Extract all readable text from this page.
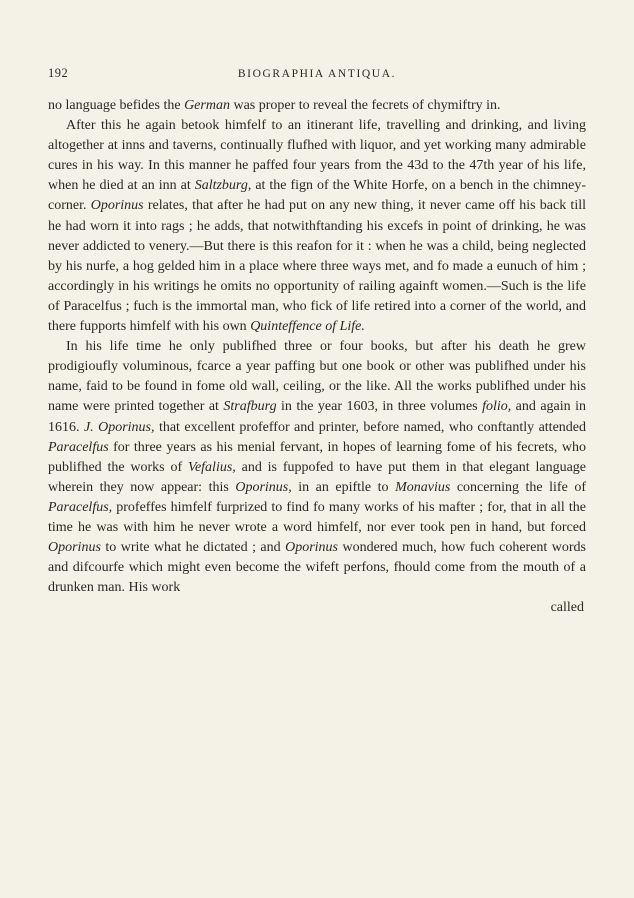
192	BIOGRAPHIA ANTIQUA.

no language befides the German was proper to reveal the fecrets of chymiftry in.

After this he again betook himfelf to an itinerant life, travelling and drinking, and living altogether at inns and taverns, continually flufhed with liquor, and yet working many admirable cures in his way. In this manner he paffed four years from the 43d to the 47th year of his life, when he died at an inn at Saltzburg, at the fign of the White Horfe, on a bench in the chimney-corner. Oporinus relates, that after he had put on any new thing, it never came off his back till he had worn it into rags ; he adds, that notwithftanding his excefs in point of drinking, he was never addicted to venery.—But there is this reafon for it : when he was a child, being neglected by his nurfe, a hog gelded him in a place where three ways met, and fo made a eunuch of him ; accordingly in his writings he omits no opportunity of railing againft women.—Such is the life of Paracelfus ; fuch is the immortal man, who fick of life retired into a corner of the world, and there fupports himfelf with his own Quinteffence of Life.

In his life time he only publifhed three or four books, but after his death he grew prodigioufly voluminous, fcarce a year paffing but one book or other was publifhed under his name, faid to be found in fome old wall, ceiling, or the like. All the works publifhed under his name were printed together at Strafburg in the year 1603, in three volumes folio, and again in 1616. J. Oporinus, that excellent profeffor and printer, before named, who conftantly attended Paracelfus for three years as his menial fervant, in hopes of learning fome of his fecrets, who publifhed the works of Vefalius, and is fuppofed to have put them in that elegant language wherein they now appear: this Oporinus, in an epiftle to Monavius concerning the life of Paracelfus, profeffes himfelf furprized to find fo many works of his mafter ; for, that in all the time he was with him he never wrote a word himfelf, nor ever took pen in hand, but forced Oporinus to write what he dictated ; and Oporinus wondered much, how fuch coherent words and difcourfe which might even become the wifeft perfons, fhould come from the mouth of a drunken man. His work

called
